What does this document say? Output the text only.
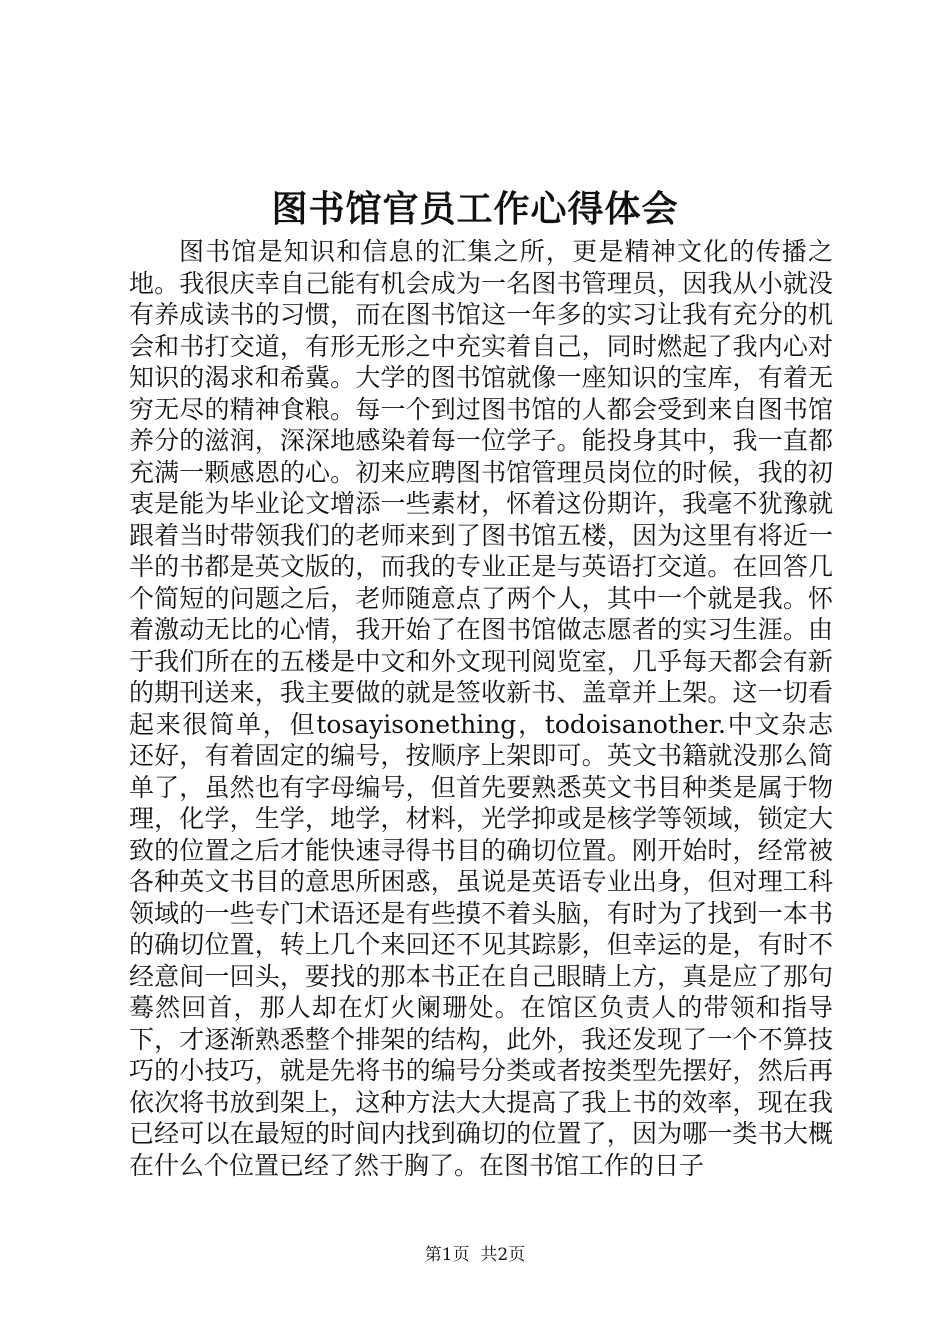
图书馆官员工作心得体会

图书馆是知识和信息的汇集之所，更是精神文化的传播之地。我很庆幸自己能有机会成为一名图书管理员，因我从小就没有养成读书的习惯，而在图书馆这一年多的实习让我有充分的机会和书打交道，有形无形之中充实着自己，同时燃起了我内心对知识的渴求和希冀。大学的图书馆就像一座知识的宝库，有着无穷无尽的精神食粮。每一个到过图书馆的人都会受到来自图书馆养分的滋润，深深地感染着每一位学子。能投身其中，我一直都充满一颗感恩的心。初来应聘图书馆管理员岗位的时候，我的初衷是能为毕业论文增添一些素材，怀着这份期许，我毫不犹豫就跟着当时带领我们的老师来到了图书馆五楼，因为这里有将近一半的书都是英文版的，而我的专业正是与英语打交道。在回答几个简短的问题之后，老师随意点了两个人，其中一个就是我。怀着激动无比的心情，我开始了在图书馆做志愿者的实习生涯。由于我们所在的五楼是中文和外文现刊阅览室，几乎每天都会有新的期刊送来，我主要做的就是签收新书、盖章并上架。这一切看起来很简单，但tosayisonething，todoisanother.中文杂志还好，有着固定的编号，按顺序上架即可。英文书籍就没那么简单了，虽然也有字母编号，但首先要熟悉英文书目种类是属于物理，化学，生学，地学，材料，光学抑或是核学等领域，锁定大致的位置之后才能快速寻得书目的确切位置。刚开始时，经常被各种英文书目的意思所困惑，虽说是英语专业出身，但对理工科领域的一些专门术语还是有些摸不着头脑，有时为了找到一本书的确切位置，转上几个来回还不见其踪影，但幸运的是，有时不经意间一回头，要找的那本书正在自己眼睛上方，真是应了那句蓦然回首，那人却在灯火阑珊处。在馆区负责人的带领和指导下，才逐渐熟悉整个排架的结构，此外，我还发现了一个不算技巧的小技巧，就是先将书的编号分类或者按类型先摆好，然后再依次将书放到架上，这种方法大大提高了我上书的效率，现在我已经可以在最短的时间内找到确切的位置了，因为哪一类书大概在什么个位置已经了然于胸了。在图书馆工作的日子

第1页 共2页
